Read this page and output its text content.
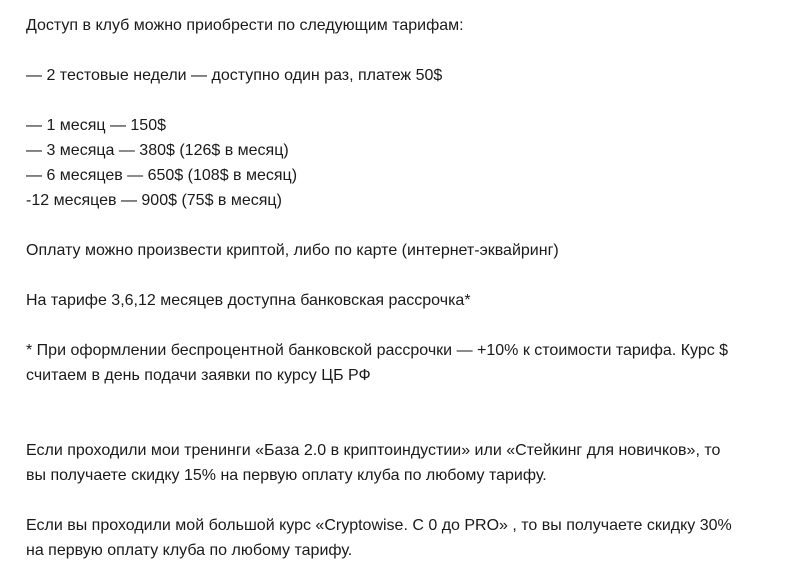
Доступ в клуб можно приобрести по следующим тарифам:
— 2 тестовые недели — доступно один раз, платеж 50$
— 1 месяц — 150$
— 3 месяца — 380$ (126$ в месяц)
— 6 месяцев — 650$ (108$ в месяц)
-12 месяцев — 900$ (75$ в месяц)
Оплату можно произвести криптой, либо по карте (интернет-эквайринг)
На тарифе 3,6,12 месяцев доступна банковская рассрочка*
* При оформлении беспроцентной банковской рассрочки — +10% к стоимости тарифа. Курс $
считаем в день подачи заявки по курсу ЦБ РФ
Если проходили мои тренинги «База 2.0 в криптоиндустии» или «Стейкинг для новичков», то
вы получаете скидку 15% на первую оплату клуба по любому тарифу.
Если вы проходили мой большой курс «Cryptowise. С 0 до PRO» , то вы получаете скидку 30%
на первую оплату клуба по любому тарифу.
